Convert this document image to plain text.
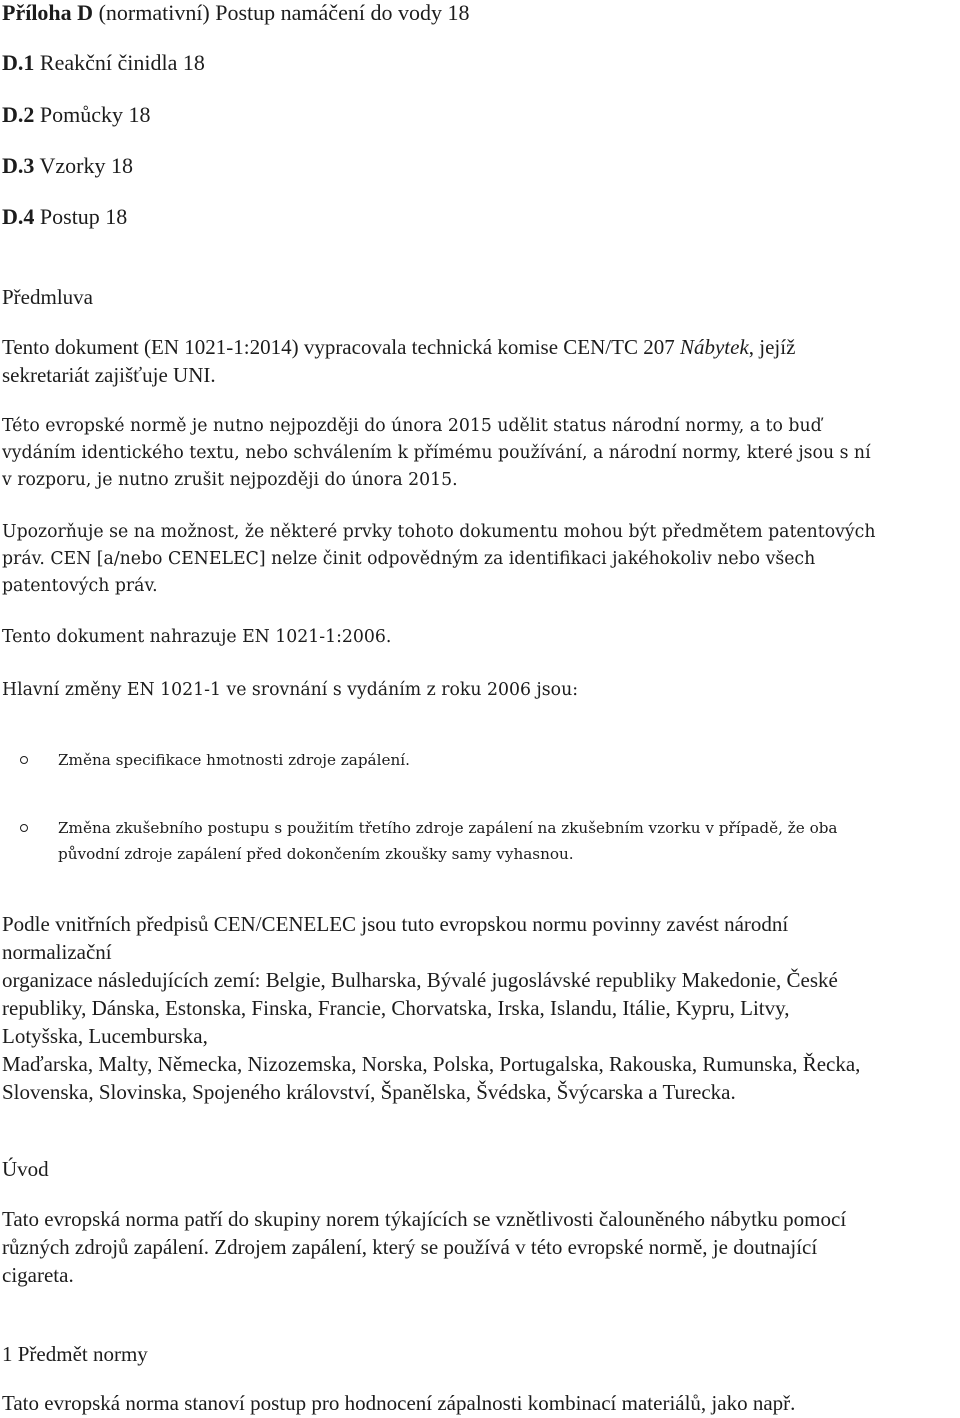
Příloha D (normativní) Postup namáčení do vody 18
D.1 Reakční činidla 18
D.2 Pomůcky 18
D.3 Vzorky 18
D.4 Postup 18
Předmluva
Tento dokument (EN 1021-1:2014) vypracovala technická komise CEN/TC 207 Nábytek, jejíž
sekretariát zajišťuje UNI.
Této evropské normě je nutno nejpozději do února 2015 udělit status národní normy, a to buď
vydáním identického textu, nebo schválením k přímému používání, a národní normy, které jsou s ní
v rozporu, je nutno zrušit nejpozději do února 2015.
Upozorňuje se na možnost, že některé prvky tohoto dokumentu mohou být předmětem patentových
práv. CEN [a/nebo CENELEC] nelze činit odpovědným za identifikaci jakéhokoliv nebo všech
patentových práv.
Tento dokument nahrazuje EN 1021-1:2006.
Hlavní změny EN 1021-1 ve srovnání s vydáním z roku 2006 jsou:
Změna specifikace hmotnosti zdroje zapálení.
Změna zkušebního postupu s použitím třetího zdroje zapálení na zkušebním vzorku v případě, že oba
původní zdroje zapálení před dokončením zkoušky samy vyhasnou.
Podle vnitřních předpisů CEN/CENELEC jsou tuto evropskou normu povinny zavést národní
normalizační
organizace následujících zemí: Belgie, Bulharska, Bývalé jugoslávské republiky Makedonie, České
republiky, Dánska, Estonska, Finska, Francie, Chorvatska, Irska, Islandu, Itálie, Kypru, Litvy,
Lotyšska, Lucemburska,
Maďarska, Malty, Německa, Nizozemska, Norska, Polska, Portugalska, Rakouska, Rumunska, Řecka,
Slovenska, Slovinska, Spojeného království, Španělska, Švédska, Švýcarska a Turecka.
Úvod
Tato evropská norma patří do skupiny norem týkajících se vznětlivosti čalouněného nábytku pomocí
různých zdrojů zapálení. Zdrojem zapálení, který se používá v této evropské normě, je doutnající
cigareta.
1 Předmět normy
Tato evropská norma stanoví postup pro hodnocení zápalnosti kombinací materiálů, jako např.
